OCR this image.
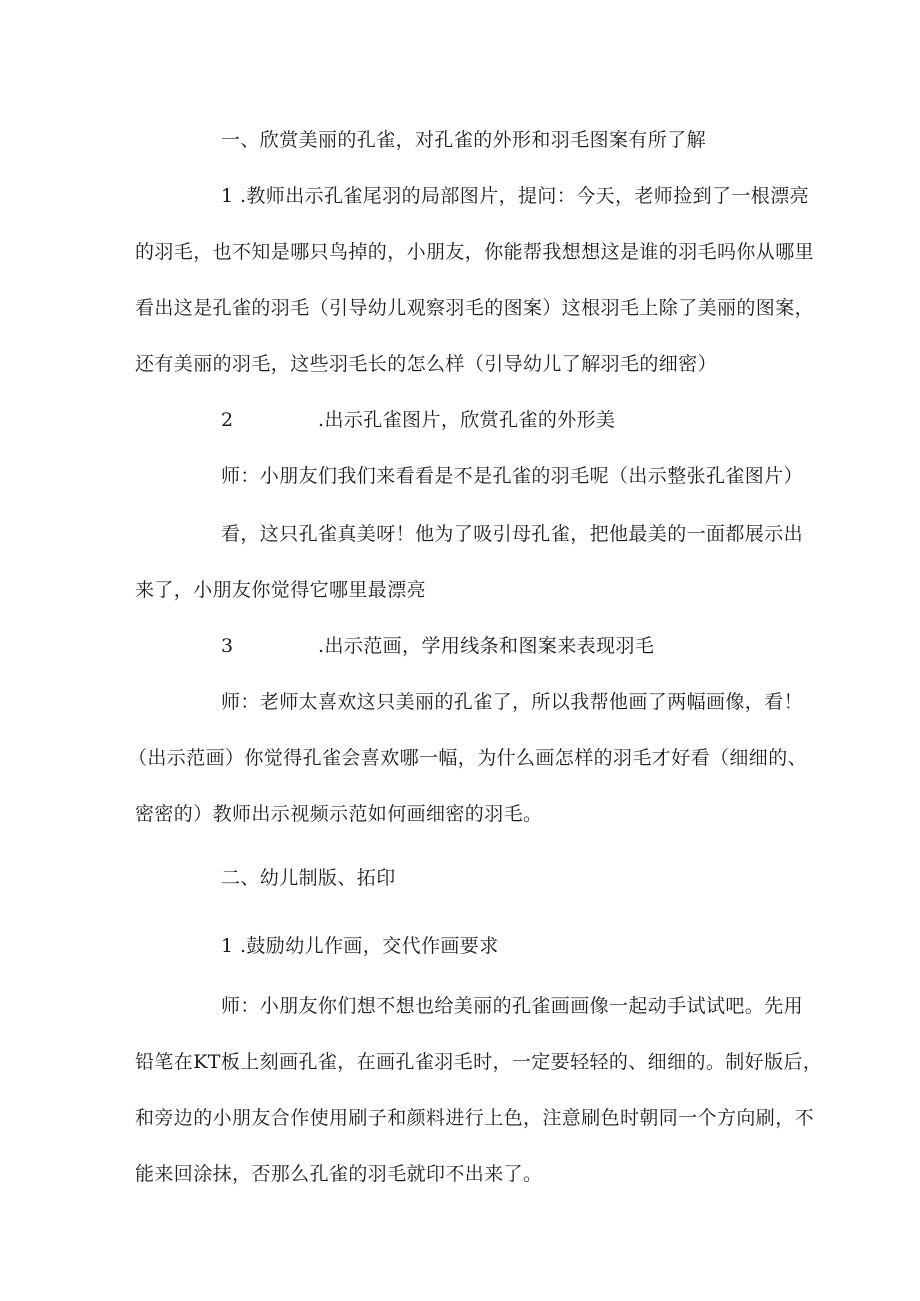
一、欣赏美丽的孔雀，对孔雀的外形和羽毛图案有所了解
1 .教师出示孔雀尾羽的局部图片，提问：今天，老师捡到了一根漂亮
的羽毛，也不知是哪只鸟掉的，小朋友，你能帮我想想这是谁的羽毛吗你从哪里
看出这是孔雀的羽毛（引导幼儿观察羽毛的图案）这根羽毛上除了美丽的图案，
还有美丽的羽毛，这些羽毛长的怎么样（引导幼儿了解羽毛的细密）
2	.出示孔雀图片，欣赏孔雀的外形美
师：小朋友们我们来看看是不是孔雀的羽毛呢（出示整张孔雀图片）
看，这只孔雀真美呀！他为了吸引母孔雀，把他最美的一面都展示出
来了，小朋友你觉得它哪里最漂亮
3	.出示范画，学用线条和图案来表现羽毛
师：老师太喜欢这只美丽的孔雀了，所以我帮他画了两幅画像，看！
（出示范画）你觉得孔雀会喜欢哪一幅，为什么画怎样的羽毛才好看（细细的、
密密的）教师出示视频示范如何画细密的羽毛。
二、幼儿制版、拓印
1 .鼓励幼儿作画，交代作画要求
师：小朋友你们想不想也给美丽的孔雀画画像一起动手试试吧。先用
铅笔在KT板上刻画孔雀，在画孔雀羽毛时，一定要轻轻的、细细的。制好版后，
和旁边的小朋友合作使用刷子和颜料进行上色，注意刷色时朝同一个方向刷，不
能来回涂抹，否那么孔雀的羽毛就印不出来了。
